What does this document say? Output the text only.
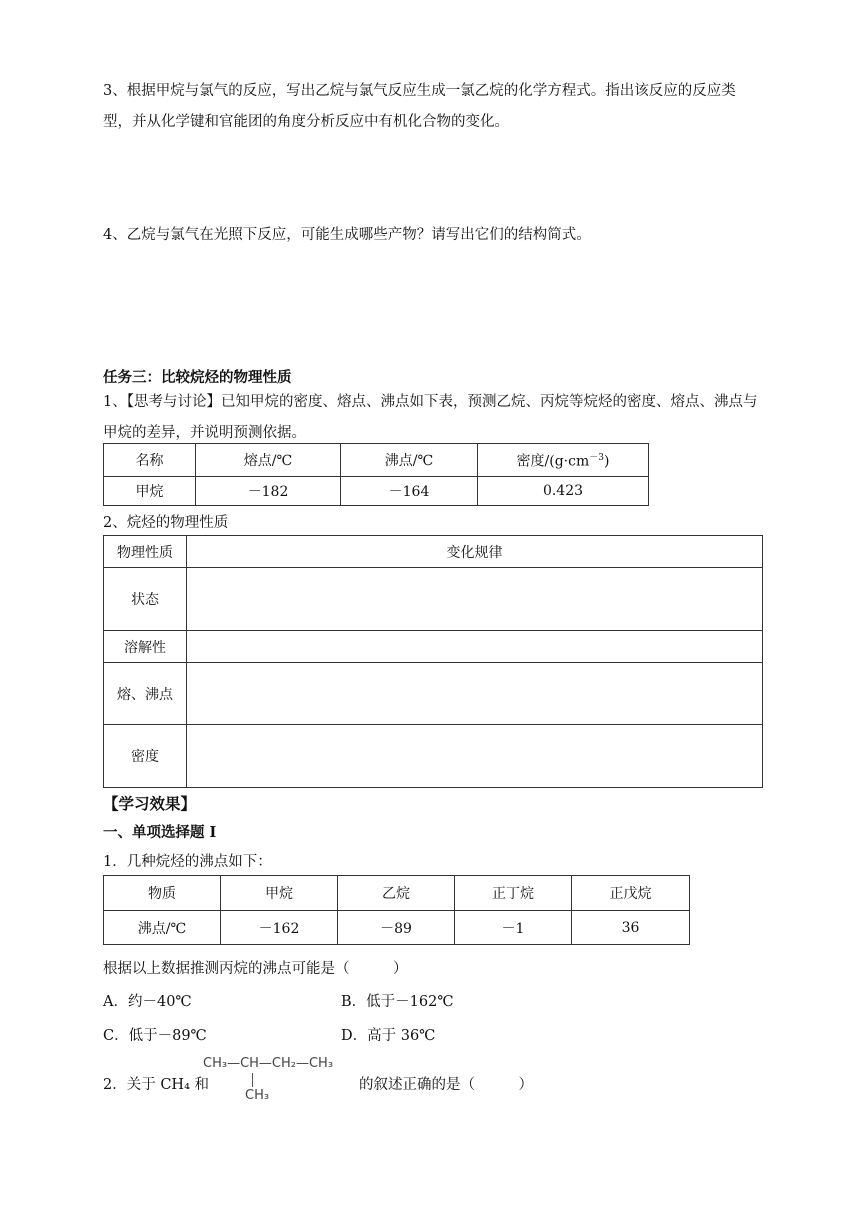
3、根据甲烷与氯气的反应，写出乙烷与氯气反应生成一氯乙烷的化学方程式。指出该反应的反应类型，并从化学键和官能团的角度分析反应中有机化合物的变化。
4、乙烷与氯气在光照下反应，可能生成哪些产物？请写出它们的结构简式。
任务三：比较烷烃的物理性质
1、【思考与讨论】已知甲烷的密度、熔点、沸点如下表，预测乙烷、丙烷等烷烃的密度、熔点、沸点与甲烷的差异，并说明预测依据。
名称	熔点/℃	沸点/℃	密度$/(g\cdot cm^{-3})$
甲烷	－182	－164	0.423
2、烷烃的物理性质
物理性质	变化规律
状态	
溶解性	
熔、沸点	
密度	
【学习效果】
一、单项选择题 I
1．几种烷烃的沸点如下：
物质	甲烷	乙烷	正丁烷	正戊烷
沸点/℃	－162	－89	－1	36
根据以上数据推测丙烷的沸点可能是（　　　）
A．约－40℃	B．低于－162℃
C．低于－89℃	D．高于 36℃
2．关于 CH₄ 和
CH₃—CH—CH₂—CH₃
CH₃
的叙述正确的是（　　　）
